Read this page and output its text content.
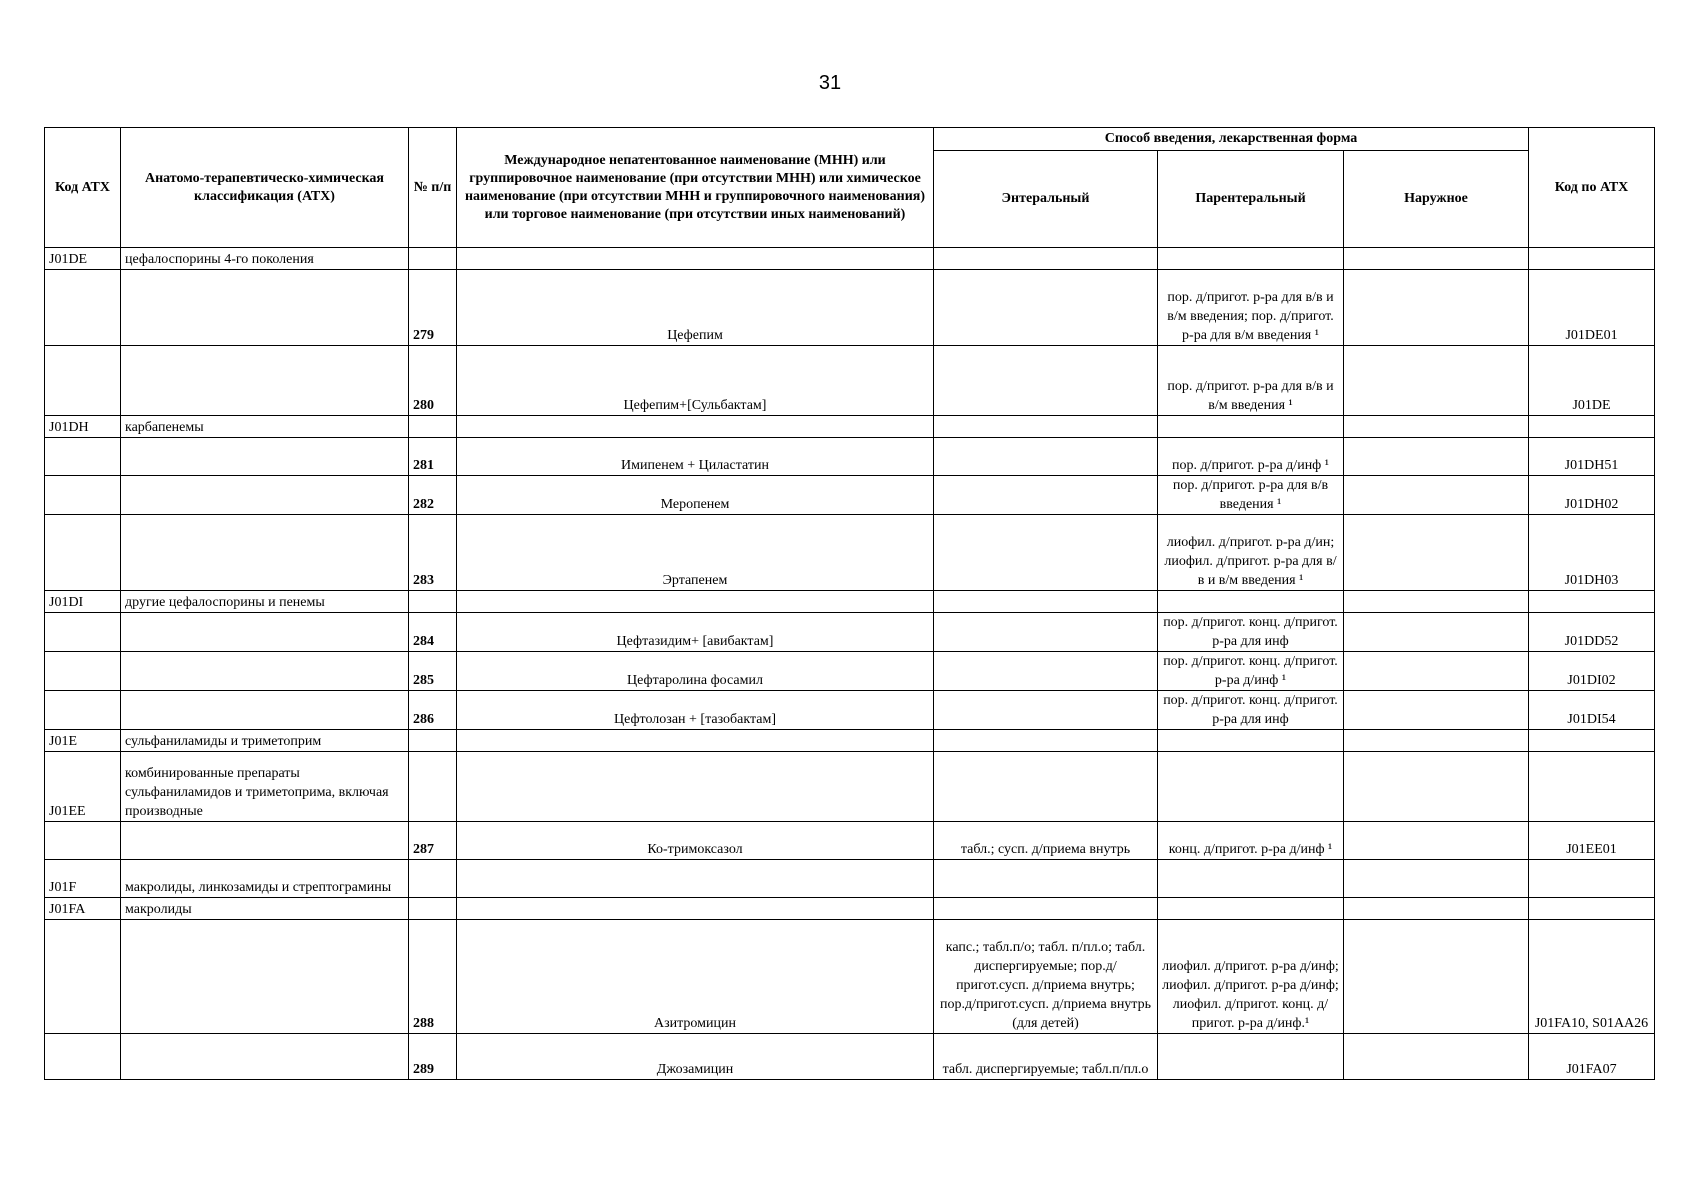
31
Код АТХ	Анатомо-терапевтическо-химическая классификация (АТХ)	№ п/п	Международное непатентованное наименование (МНН) или группировочное наименование (при отсутствии МНН) или химическое наименование (при отсутствии МНН и группировочного наименования) или торговое наименование (при отсутствии иных наименований)	Способ введения, лекарственная форма			Код по АТХ
				Энтеральный	Парентеральный	Наружное	
J01DE	цефалоспорины 4-го поколения						
		279	Цефепим		пор. д/пригот. р-ра для в/в и в/м введения; пор. д/пригот. р-ра для в/м введения ¹		J01DE01
		280	Цефепим+[Сульбактам]		пор. д/пригот. р-ра для в/в и в/м введения ¹		J01DE
J01DH	карбапенемы						
		281	Имипенем + Циластатин		пор. д/пригот. р-ра д/инф ¹		J01DH51
		282	Меропенем		пор. д/пригот. р-ра для в/в введения ¹		J01DH02
		283	Эртапенем		лиофил. д/пригот. р-ра д/ин; лиофил. д/пригот. р-ра для в/в и в/м введения ¹		J01DH03
J01DI	другие цефалоспорины и пенемы						
		284	Цефтазидим+ [авибактам]		пор. д/пригот. конц. д/пригот. р-ра для инф		J01DD52
		285	Цефтаролина фосамил		пор. д/пригот. конц. д/пригот. р-ра д/инф ¹		J01DI02
		286	Цефтолозан + [тазобактам]		пор. д/пригот. конц. д/пригот. р-ра для инф		J01DI54
J01E	сульфаниламиды и триметоприм						
J01EE	комбинированные препараты сульфаниламидов и триметоприма, включая производные						
		287	Ко-тримоксазол	табл.; сусп. д/приема внутрь	конц. д/пригот. р-ра д/инф ¹		J01EE01
J01F	макролиды, линкозамиды и стрептограмины						
J01FA	макролиды						
		288	Азитромицин	капс.; табл.п/о; табл. п/пл.о; табл. диспергируемые; пор.д/пригот.сусп. д/приема внутрь; пор.д/пригот.сусп. д/приема внутрь (для детей)	лиофил. д/пригот. р-ра д/инф; лиофил. д/пригот. р-ра д/инф; лиофил. д/пригот. конц. д/пригот. р-ра д/инф.¹		J01FA10, S01AA26
		289	Джозамицин	табл. диспергируемые; табл.п/пл.о			J01FA07
